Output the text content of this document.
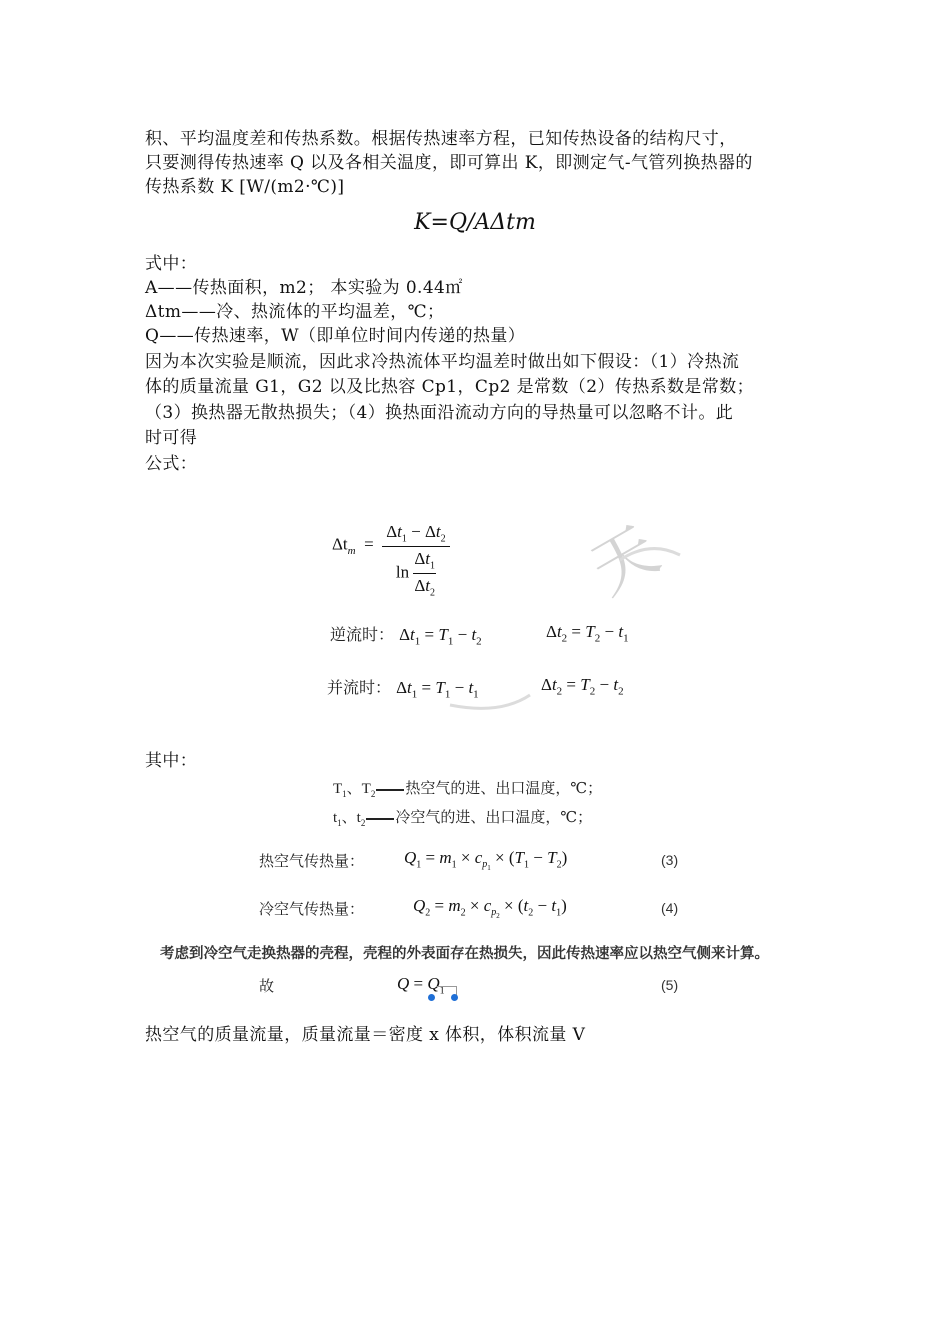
积、平均温度差和传热系数。根据传热速率方程，已知传热设备的结构尺寸，
只要测得传热速率 Q 以及各相关温度，即可算出 K，即测定气-气管列换热器的
传热系数 K [W/(m2·℃)]
K=Q/AΔtm
式中：
A——传热面积，m2； 本实验为 0.44㎡
Δtm——冷、热流体的平均温差，℃；
Q——传热速率，W（即单位时间内传递的热量）
因为本次实验是顺流，因此求冷热流体平均温差时做出如下假设：（1）冷热流
体的质量流量 G1，G2 以及比热容 Cp1，Cp2 是常数（2）传热系数是常数；
（3）换热器无散热损失；（4）换热面沿流动方向的导热量可以忽略不计。此
时可得
公式：
天
$\Delta t_m = \frac{\Delta t_1 - \Delta t_2}{\ln \frac{\Delta t_1}{\Delta t_2}}$
逆流时： $\Delta t_1 = T_1 - t_2$
$\Delta t_2 = T_2 - t_1$
并流时： $\Delta t_1 = T_1 - t_1$
$\Delta t_2 = T_2 - t_2$
其中：
$T_1$、$T_2$ 热空气的进、出口温度，℃；
$t_1$、$t_2$ 冷空气的进、出口温度，℃；
热空气传热量： $Q_1 = m_1 \times c_{p_1} \times (T_1 - T_2)$	(3)
冷空气传热量：	$Q_2 = m_2 \times c_{p_2} \times (t_2 - t_1)$	(4)
考虑到冷空气走换热器的壳程，壳程的外表面存在热损失，因此传热速率应以热空气侧来计算。
故	$Q = Q_1$	(5)
热空气的质量流量，质量流量＝密度 x 体积，体积流量 V
